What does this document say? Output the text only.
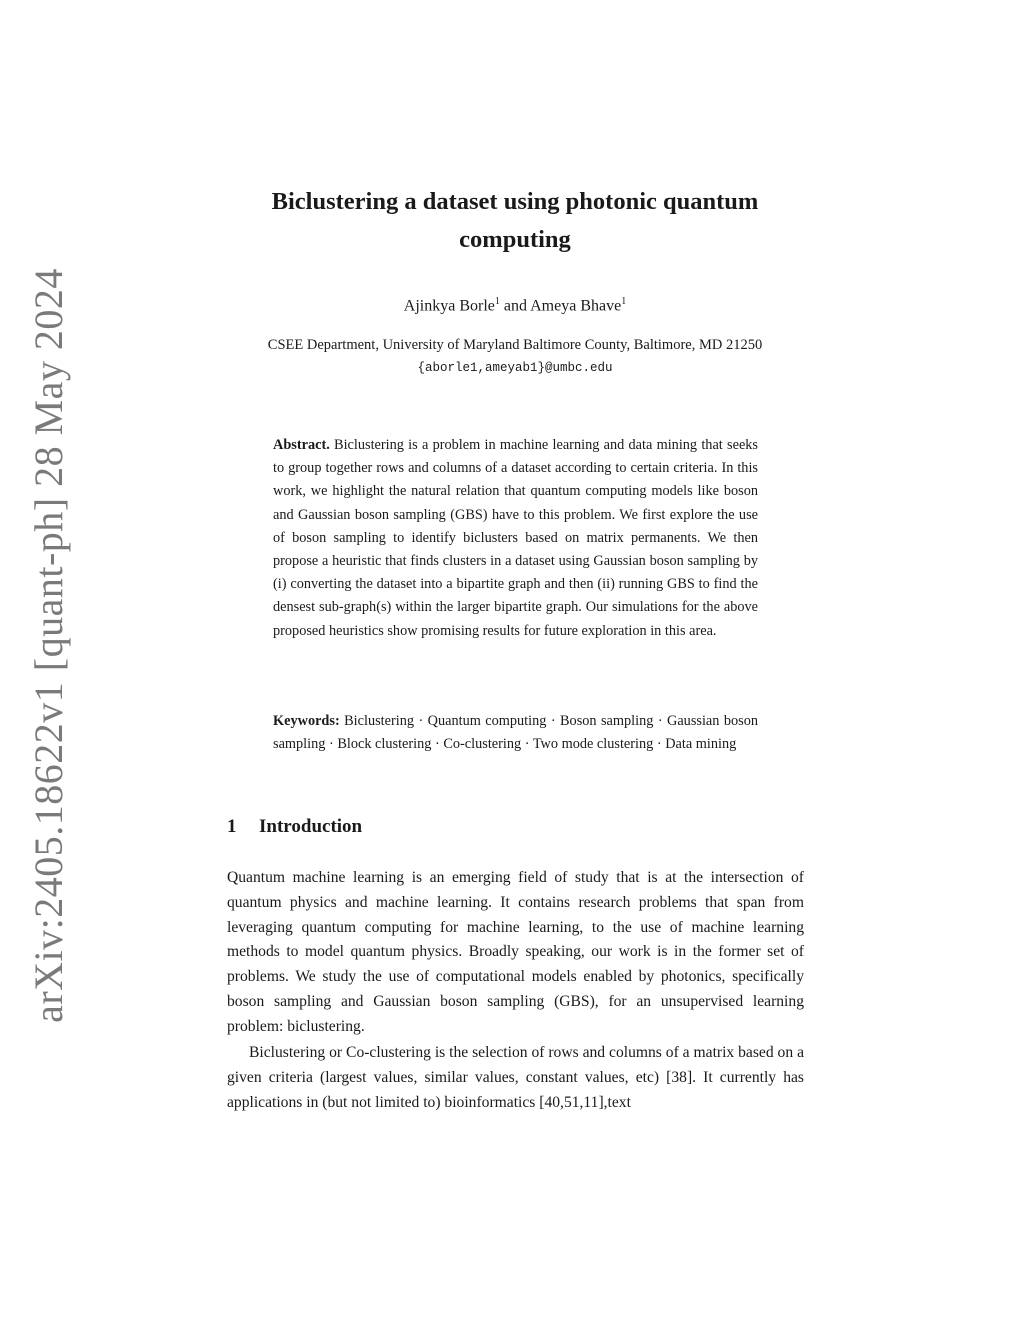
arXiv:2405.18622v1 [quant-ph] 28 May 2024
Biclustering a dataset using photonic quantum computing
Ajinkya Borle$^1$ and Ameya Bhave$^1$
CSEE Department, University of Maryland Baltimore County, Baltimore, MD 21250
{aborle1,ameyab1}@umbc.edu

Abstract. Biclustering is a problem in machine learning and data mining that seeks to group together rows and columns of a dataset according to certain criteria. In this work, we highlight the natural relation that quantum computing models like boson and Gaussian boson sampling (GBS) have to this problem. We first explore the use of boson sampling to identify biclusters based on matrix permanents. We then propose a heuristic that finds clusters in a dataset using Gaussian boson sampling by (i) converting the dataset into a bipartite graph and then (ii) running GBS to find the densest sub-graph(s) within the larger bipartite graph. Our simulations for the above proposed heuristics show promising results for future exploration in this area.

Keywords: Biclustering · Quantum computing · Boson sampling · Gaussian boson sampling · Block clustering · Co-clustering · Two mode clustering · Data mining

1 Introduction

Quantum machine learning is an emerging field of study that is at the intersection of quantum physics and machine learning. It contains research problems that span from leveraging quantum computing for machine learning, to the use of machine learning methods to model quantum physics. Broadly speaking, our work is in the former set of problems. We study the use of computational models enabled by photonics, specifically boson sampling and Gaussian boson sampling (GBS), for an unsupervised learning problem: biclustering.

Biclustering or Co-clustering is the selection of rows and columns of a matrix based on a given criteria (largest values, similar values, constant values, etc) [38]. It currently has applications in (but not limited to) bioinformatics [40,51,11],text
